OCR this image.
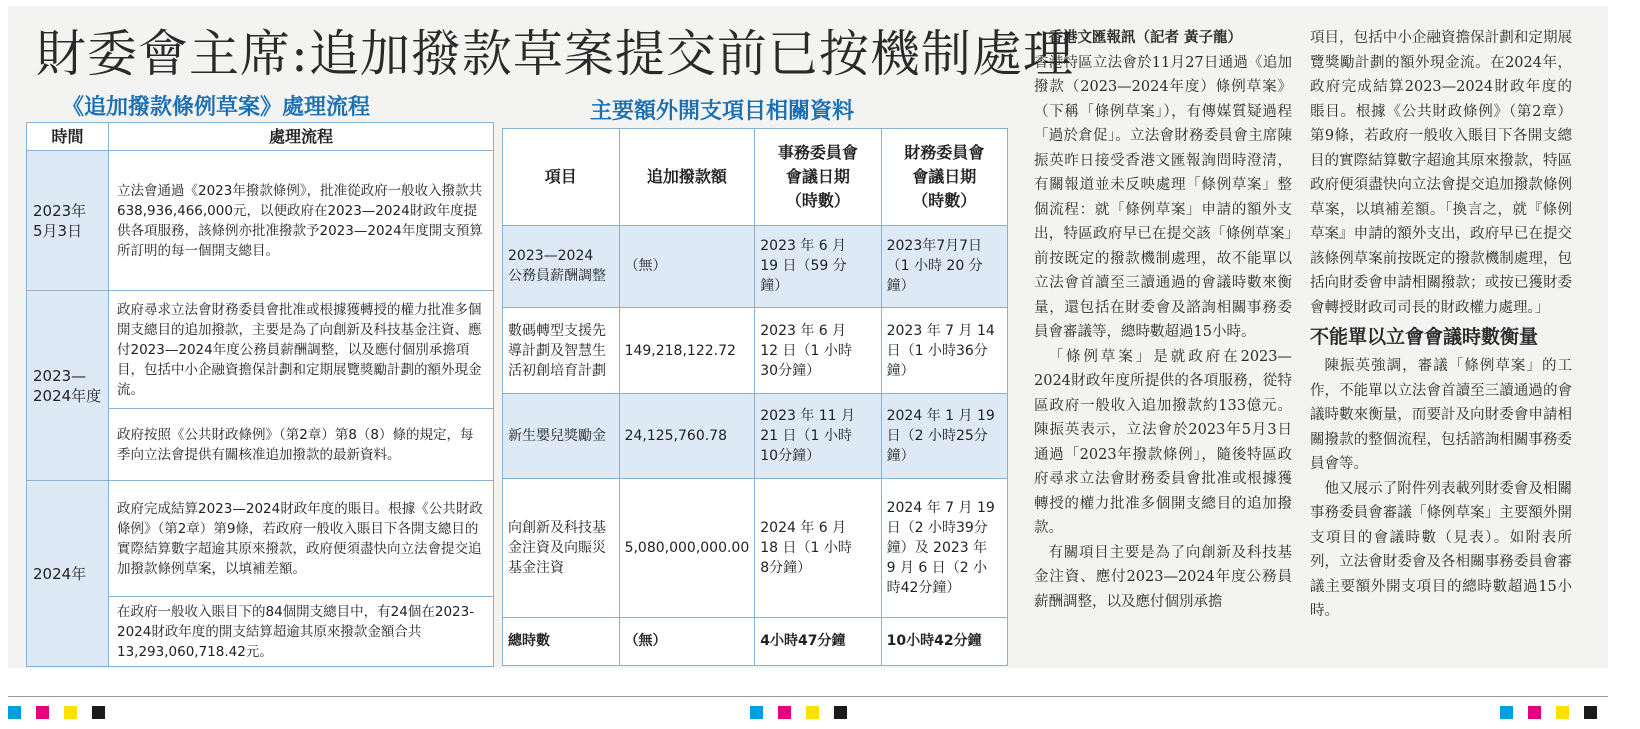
財委會主席:追加撥款草案提交前已按機制處理
《追加撥款條例草案》處理流程
時間	處理流程
2023年
5月3日	立法會通過《2023年撥款條例》，批准從政府一般收入撥款共638,936,466,000元，以便政府在2023—2024財政年度提供各項服務，該條例亦批准撥款予2023—2024年度開支預算所訂明的每一個開支總目。
2023—
2024年度	政府尋求立法會財務委員會批准或根據獲轉授的權力批准多個開支總目的追加撥款，主要是為了向創新及科技基金注資、應付2023—2024年度公務員薪酬調整，以及應付個別承擔項目，包括中小企融資擔保計劃和定期展覽獎勵計劃的額外現金流。
	政府按照《公共財政條例》（第2章）第8（8）條的規定，每季向立法會提供有關核准追加撥款的最新資料。
2024年	政府完成結算2023—2024財政年度的賬目。根據《公共財政條例》（第2章）第9條，若政府一般收入賬目下各開支總目的實際結算數字超逾其原來撥款，政府便須盡快向立法會提交追加撥款條例草案，以填補差額。
	在政府一般收入賬目下的84個開支總目中，有24個在2023-2024財政年度的開支結算超逾其原來撥款金額合共13,293,060,718.42元。
主要額外開支項目相關資料
項目	追加撥款額	事務委員會
會議日期
（時數）	財務委員會
會議日期
（時數）
2023—2024
公務員薪酬調整	（無）	2023 年 6 月
19 日（59 分
鐘）	2023年7月7日
（1 小時 20 分
鐘）
數碼轉型支援先
導計劃及智慧生
活初創培育計劃	149,218,122.72	2023 年 6 月
12 日（1 小時
30分鐘）	2023 年 7 月 14
日（1 小時36分
鐘）
新生嬰兒獎勵金	24,125,760.78	2023 年 11 月
21 日（1 小時
10分鐘）	2024 年 1 月 19
日（2 小時25分
鐘）
向創新及科技基
金注資及向賑災
基金注資	5,080,000,000.00	2024 年 6 月
18 日（1 小時
8分鐘）	2024 年 7 月 19
日（2 小時39分
鐘）及 2023 年
9 月 6 日（2 小
時42分鐘）
總時數	（無）	4小時47分鐘	10小時42分鐘

香港文匯報訊（記者 黃子龍）

香港特區立法會於11月27日通過《追加撥款（2023—2024年度）條例草案》（下稱「條例草案」），有傳媒質疑過程「過於倉促」。立法會財務委員會主席陳振英昨日接受香港文匯報詢問時澄清，有關報道並未反映處理「條例草案」整個流程：就「條例草案」申請的額外支出，特區政府早已在提交該「條例草案」前按既定的撥款機制處理，故不能單以立法會首讀至三讀通過的會議時數來衡量，還包括在財委會及諮詢相關事務委員會審議等，總時數超過15小時。

「條例草案」是就政府在2023—2024財政年度所提供的各項服務，從特區政府一般收入追加撥款約133億元。陳振英表示，立法會於2023年5月3日通過「2023年撥款條例」，隨後特區政府尋求立法會財務委員會批准或根據獲轉授的權力批准多個開支總目的追加撥款。

有關項目主要是為了向創新及科技基金注資、應付2023—2024年度公務員薪酬調整，以及應付個別承擔

項目，包括中小企融資擔保計劃和定期展覽獎勵計劃的額外現金流。在2024年，政府完成結算2023—2024財政年度的賬目。根據《公共財政條例》（第2章）第9條，若政府一般收入賬目下各開支總目的實際結算數字超逾其原來撥款，特區政府便須盡快向立法會提交追加撥款條例草案，以填補差額。「換言之，就『條例草案』申請的額外支出，政府早已在提交該條例草案前按既定的撥款機制處理，包括向財委會申請相關撥款；或按已獲財委會轉授財政司司長的財政權力處理。」

不能單以立會會議時數衡量

陳振英強調，審議「條例草案」的工作，不能單以立法會首讀至三讀通過的會議時數來衡量，而要計及向財委會申請相關撥款的整個流程，包括諮詢相關事務委員會等。

他又展示了附件列表載列財委會及相關事務委員會審議「條例草案」主要額外開支項目的會議時數（見表）。如附表所列，立法會財委會及各相關事務委員會審議主要額外開支項目的總時數超過15小時。
